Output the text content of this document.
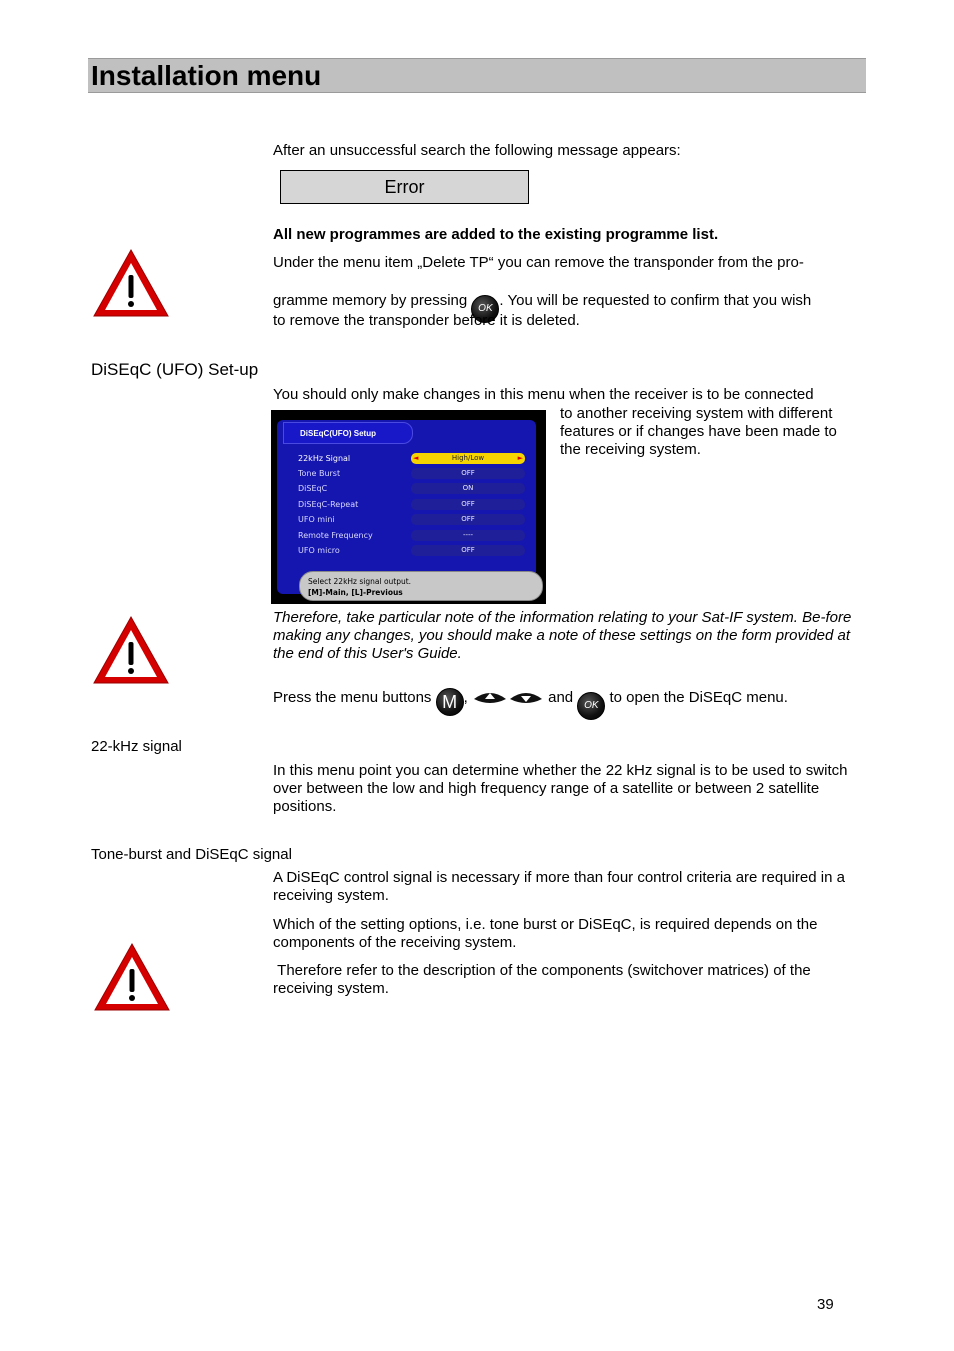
Installation menu
After an unsuccessful search the following message appears:
Error
All new programmes are added to the existing programme list.
Under the menu item „Delete TP“ you can remove the transponder from the pro-
gramme memory by pressing OK . You will be requested to confirm that you wish
to remove the transponder before it is deleted.
DiSEqC (UFO) Set-up
You should only make changes in this menu when the receiver is to be connected
to another receiving system with different features or if changes have been made to the receiving system.
DiSEqC(UFO) Setup
22kHz Signal
◄	High/Low ►
Tone Burst	OFF
DiSEqC	ON
DiSEqC-Repeat	OFF
UFO mini	OFF
Remote Frequency	----
UFO micro	OFF
Select 22kHz signal output.
[M]-Main, [L]-Previous
Therefore, take particular note of the information relating to your Sat-IF system. Be-fore making any changes, you should make a note of these settings on the form provided at the end of this User's Guide.
Press the menu buttons M ,	and OK to open the DiSEqC menu.
22-kHz signal
In this menu point you can determine whether the 22 kHz signal is to be used to switch over between the low and high frequency range of a satellite or between 2 satellite positions.
Tone-burst and DiSEqC signal
A DiSEqC control signal is necessary if more than four control criteria are required in a receiving system.
Which of the setting options, i.e. tone burst or DiSEqC, is required depends on the components of the receiving system.
Therefore refer to the description of the components (switchover matrices) of the receiving system.
39
